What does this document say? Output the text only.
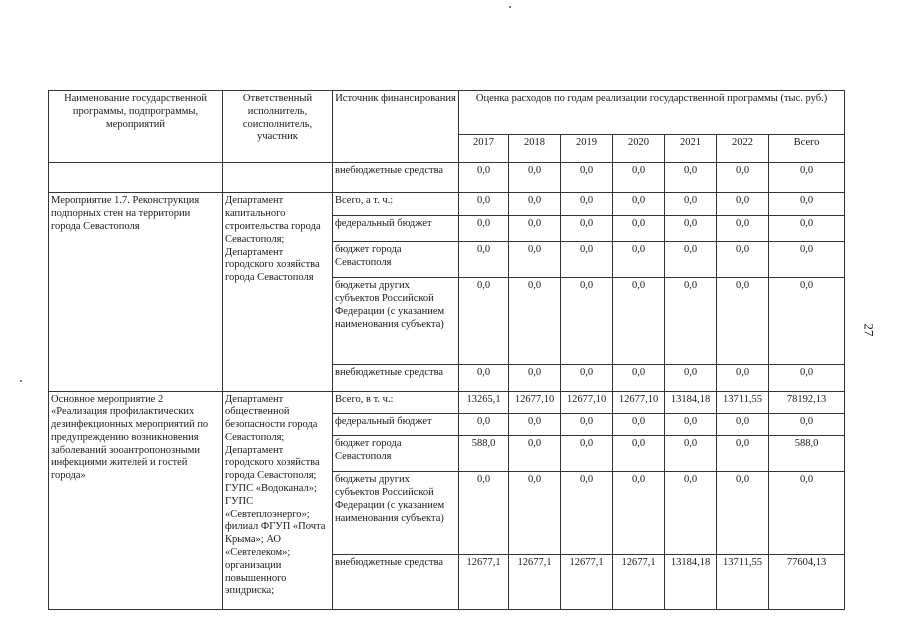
27
Наименование государственной программы, подпрограммы, мероприятий	Ответственный исполнитель, соисполнитель, участник	Источник финансирования	Оценка расходов по годам реализации государственной программы (тыс. руб.)						
			2017	2018	2019	2020	2021	2022	Всего
		внебюджетные средства	0,0	0,0	0,0	0,0	0,0	0,0	0,0
Мероприятие 1.7. Реконструкция подпорных стен на территории города Севастополя	Департамент капитального строительства города Севастополя; Департамент городского хозяйства города Севастополя	Всего, а т. ч.:	0,0	0,0	0,0	0,0	0,0	0,0	0,0
		федеральный бюджет	0,0	0,0	0,0	0,0	0,0	0,0	0,0
		бюджет города Севастополя	0,0	0,0	0,0	0,0	0,0	0,0	0,0
		бюджеты других субъектов Российской Федерации (с указанием наименования субъекта)	0,0	0,0	0,0	0,0	0,0	0,0	0,0
		внебюджетные средства	0,0	0,0	0,0	0,0	0,0	0,0	0,0
Основное мероприятие 2 «Реализация профилактических дезинфекционных мероприятий по предупреждению возникновения заболеваний зооантропонозными инфекциями жителей и гостей города»	Департамент общественной безопасности города Севастополя; Департамент городского хозяйства города Севастополя; ГУПС «Водоканал»; ГУПС «Севтеплоэнерго»; филиал ФГУП «Почта Крыма»; АО «Севтелеком»; организации повышенного эпидриска;	Всего, в т. ч.:	13265,1	12677,10	12677,10	12677,10	13184,18	13711,55	78192,13
		федеральный бюджет	0,0	0,0	0,0	0,0	0,0	0,0	0,0
		бюджет города Севастополя	588,0	0,0	0,0	0,0	0,0	0,0	588,0
		бюджеты других субъектов Российской Федерации (с указанием наименования субъекта)	0,0	0,0	0,0	0,0	0,0	0,0	0,0
		внебюджетные средства	12677,1	12677,1	12677,1	12677,1	13184,18	13711,55	77604,13
